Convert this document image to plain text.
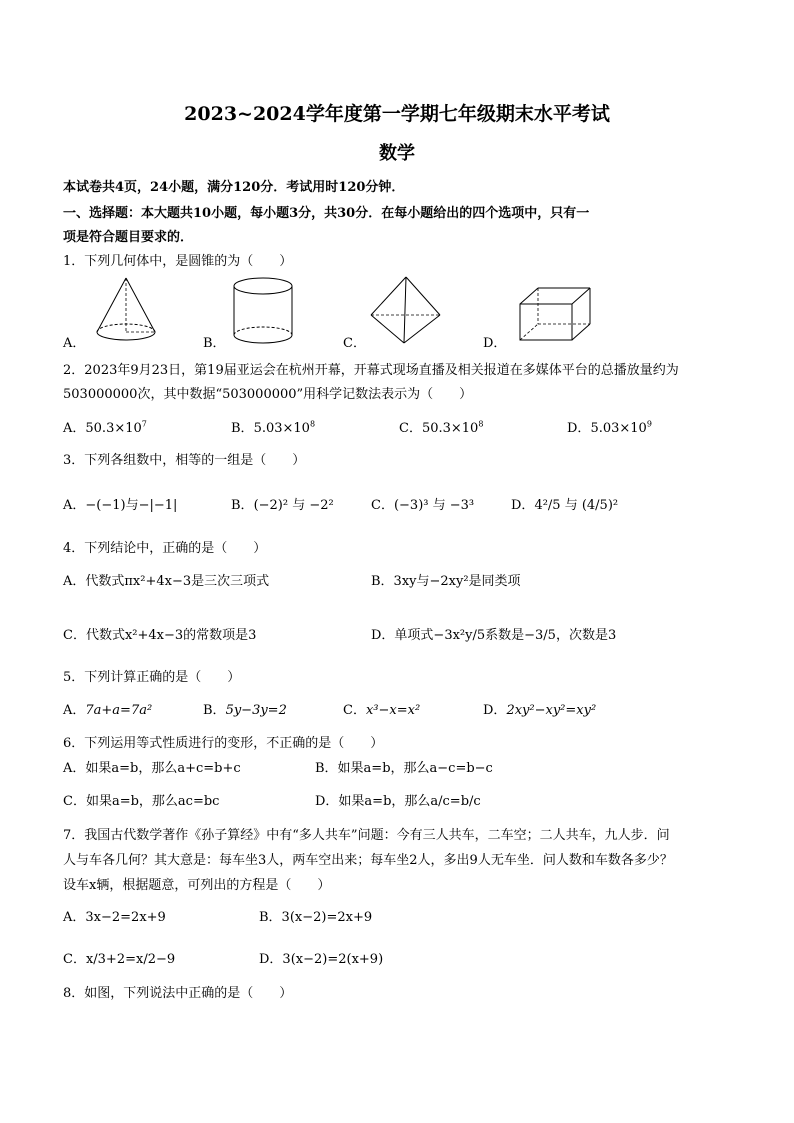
2023~2024学年度第一学期七年级期末水平考试
数学
本试卷共4页，24小题，满分120分．考试用时120分钟．
一、选择题：本大题共10小题，每小题3分，共30分．在每小题给出的四个选项中，只有一
项是符合题目要求的．
1．下列几何体中，是圆锥的为（　　）
A．	B．	C．	D．
2．2023年9月23日，第19届亚运会在杭州开幕，开幕式现场直播及相关报道在多媒体平台的总播放量约为
503000000次，其中数据“503000000”用科学记数法表示为（　　）
A．$50.3\times 10^7$	B．$5.03\times 10^8$	C．$50.3\times 10^8$	D．$5.03\times 10^9$
3．下列各组数中，相等的一组是（　　）
A．−(−1)与−|−1|	B．(−2)² 与 −2²	C．(−3)³ 与 −3³	D．4²/5 与 (4/5)²
4．下列结论中，正确的是（　　）
A．代数式πx²+4x−3是三次三项式	B．3xy与−2xy²是同类项
C．代数式x²+4x−3的常数项是3	D．单项式−3x²y/5系数是−3/5，次数是3
5．下列计算正确的是（　　）
A．7a+a=7a²	B．5y−3y=2	C．x³−x=x²	D．2xy²−xy²=xy²
6．下列运用等式性质进行的变形，不正确的是（　　）
A．如果a=b，那么a+c=b+c	B．如果a=b，那么a−c=b−c
C．如果a=b，那么ac=bc	D．如果a=b，那么a/c=b/c
7．我国古代数学著作《孙子算经》中有“多人共车”问题：今有三人共车，二车空；二人共车，九人步．问
人与车各几何？其大意是：每车坐3人，两车空出来；每车坐2人，多出9人无车坐．问人数和车数各多少？
设车x辆，根据题意，可列出的方程是（　　）
A．3x−2=2x+9	B．3(x−2)=2x+9
C．x/3+2=x/2−9	D．3(x−2)=2(x+9)
8．如图，下列说法中正确的是（　　）
